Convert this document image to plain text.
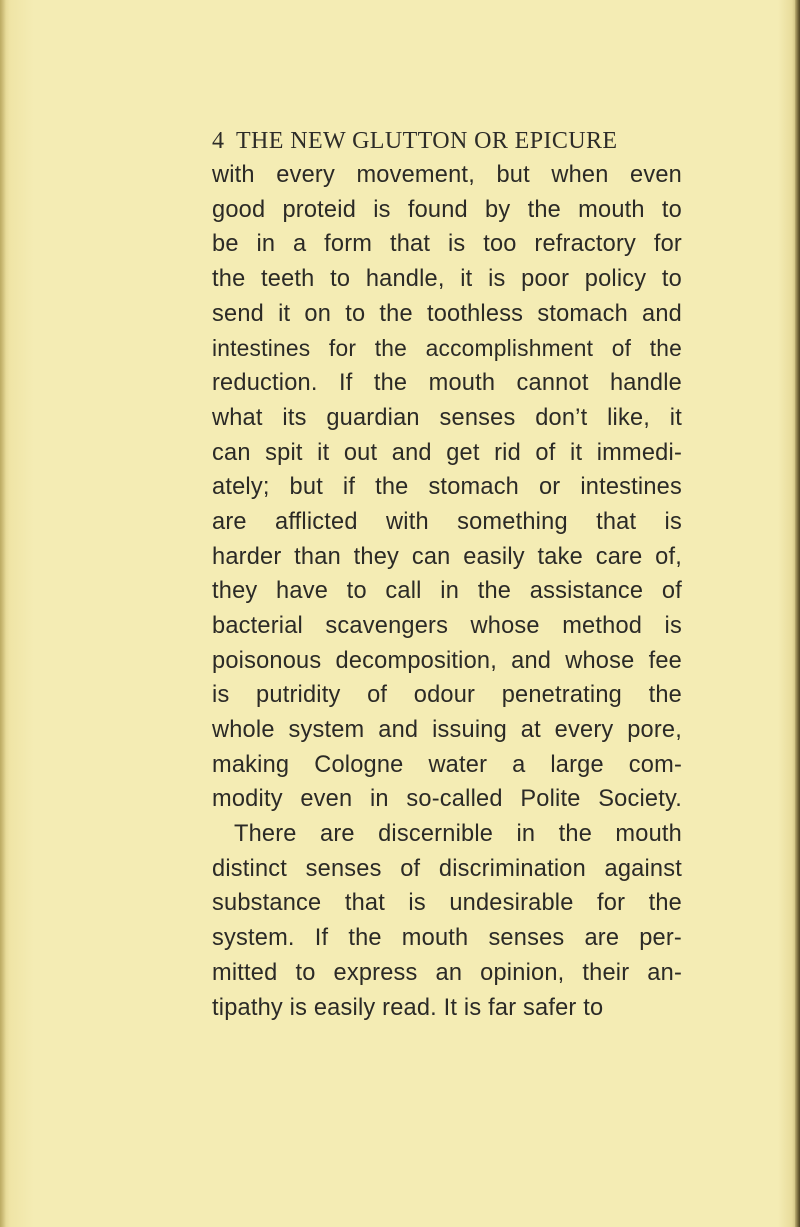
4 THE NEW GLUTTON OR EPICURE
with every movement, but when even
good proteid is found by the mouth to
be in a form that is too refractory for
the teeth to handle, it is poor policy to
send it on to the toothless stomach and
intestines for the accomplishment of the
reduction. If the mouth cannot handle
what its guardian senses don’t like, it
can spit it out and get rid of it immedi-
ately; but if the stomach or intestines
are afflicted with something that is
harder than they can easily take care of,
they have to call in the assistance of
bacterial scavengers whose method is
poisonous decomposition, and whose fee
is putridity of odour penetrating the
whole system and issuing at every pore,
making Cologne water a large com-
modity even in so-called Polite Society.
There are discernible in the mouth
distinct senses of discrimination against
substance that is undesirable for the
system. If the mouth senses are per-
mitted to express an opinion, their an-
tipathy is easily read. It is far safer to
